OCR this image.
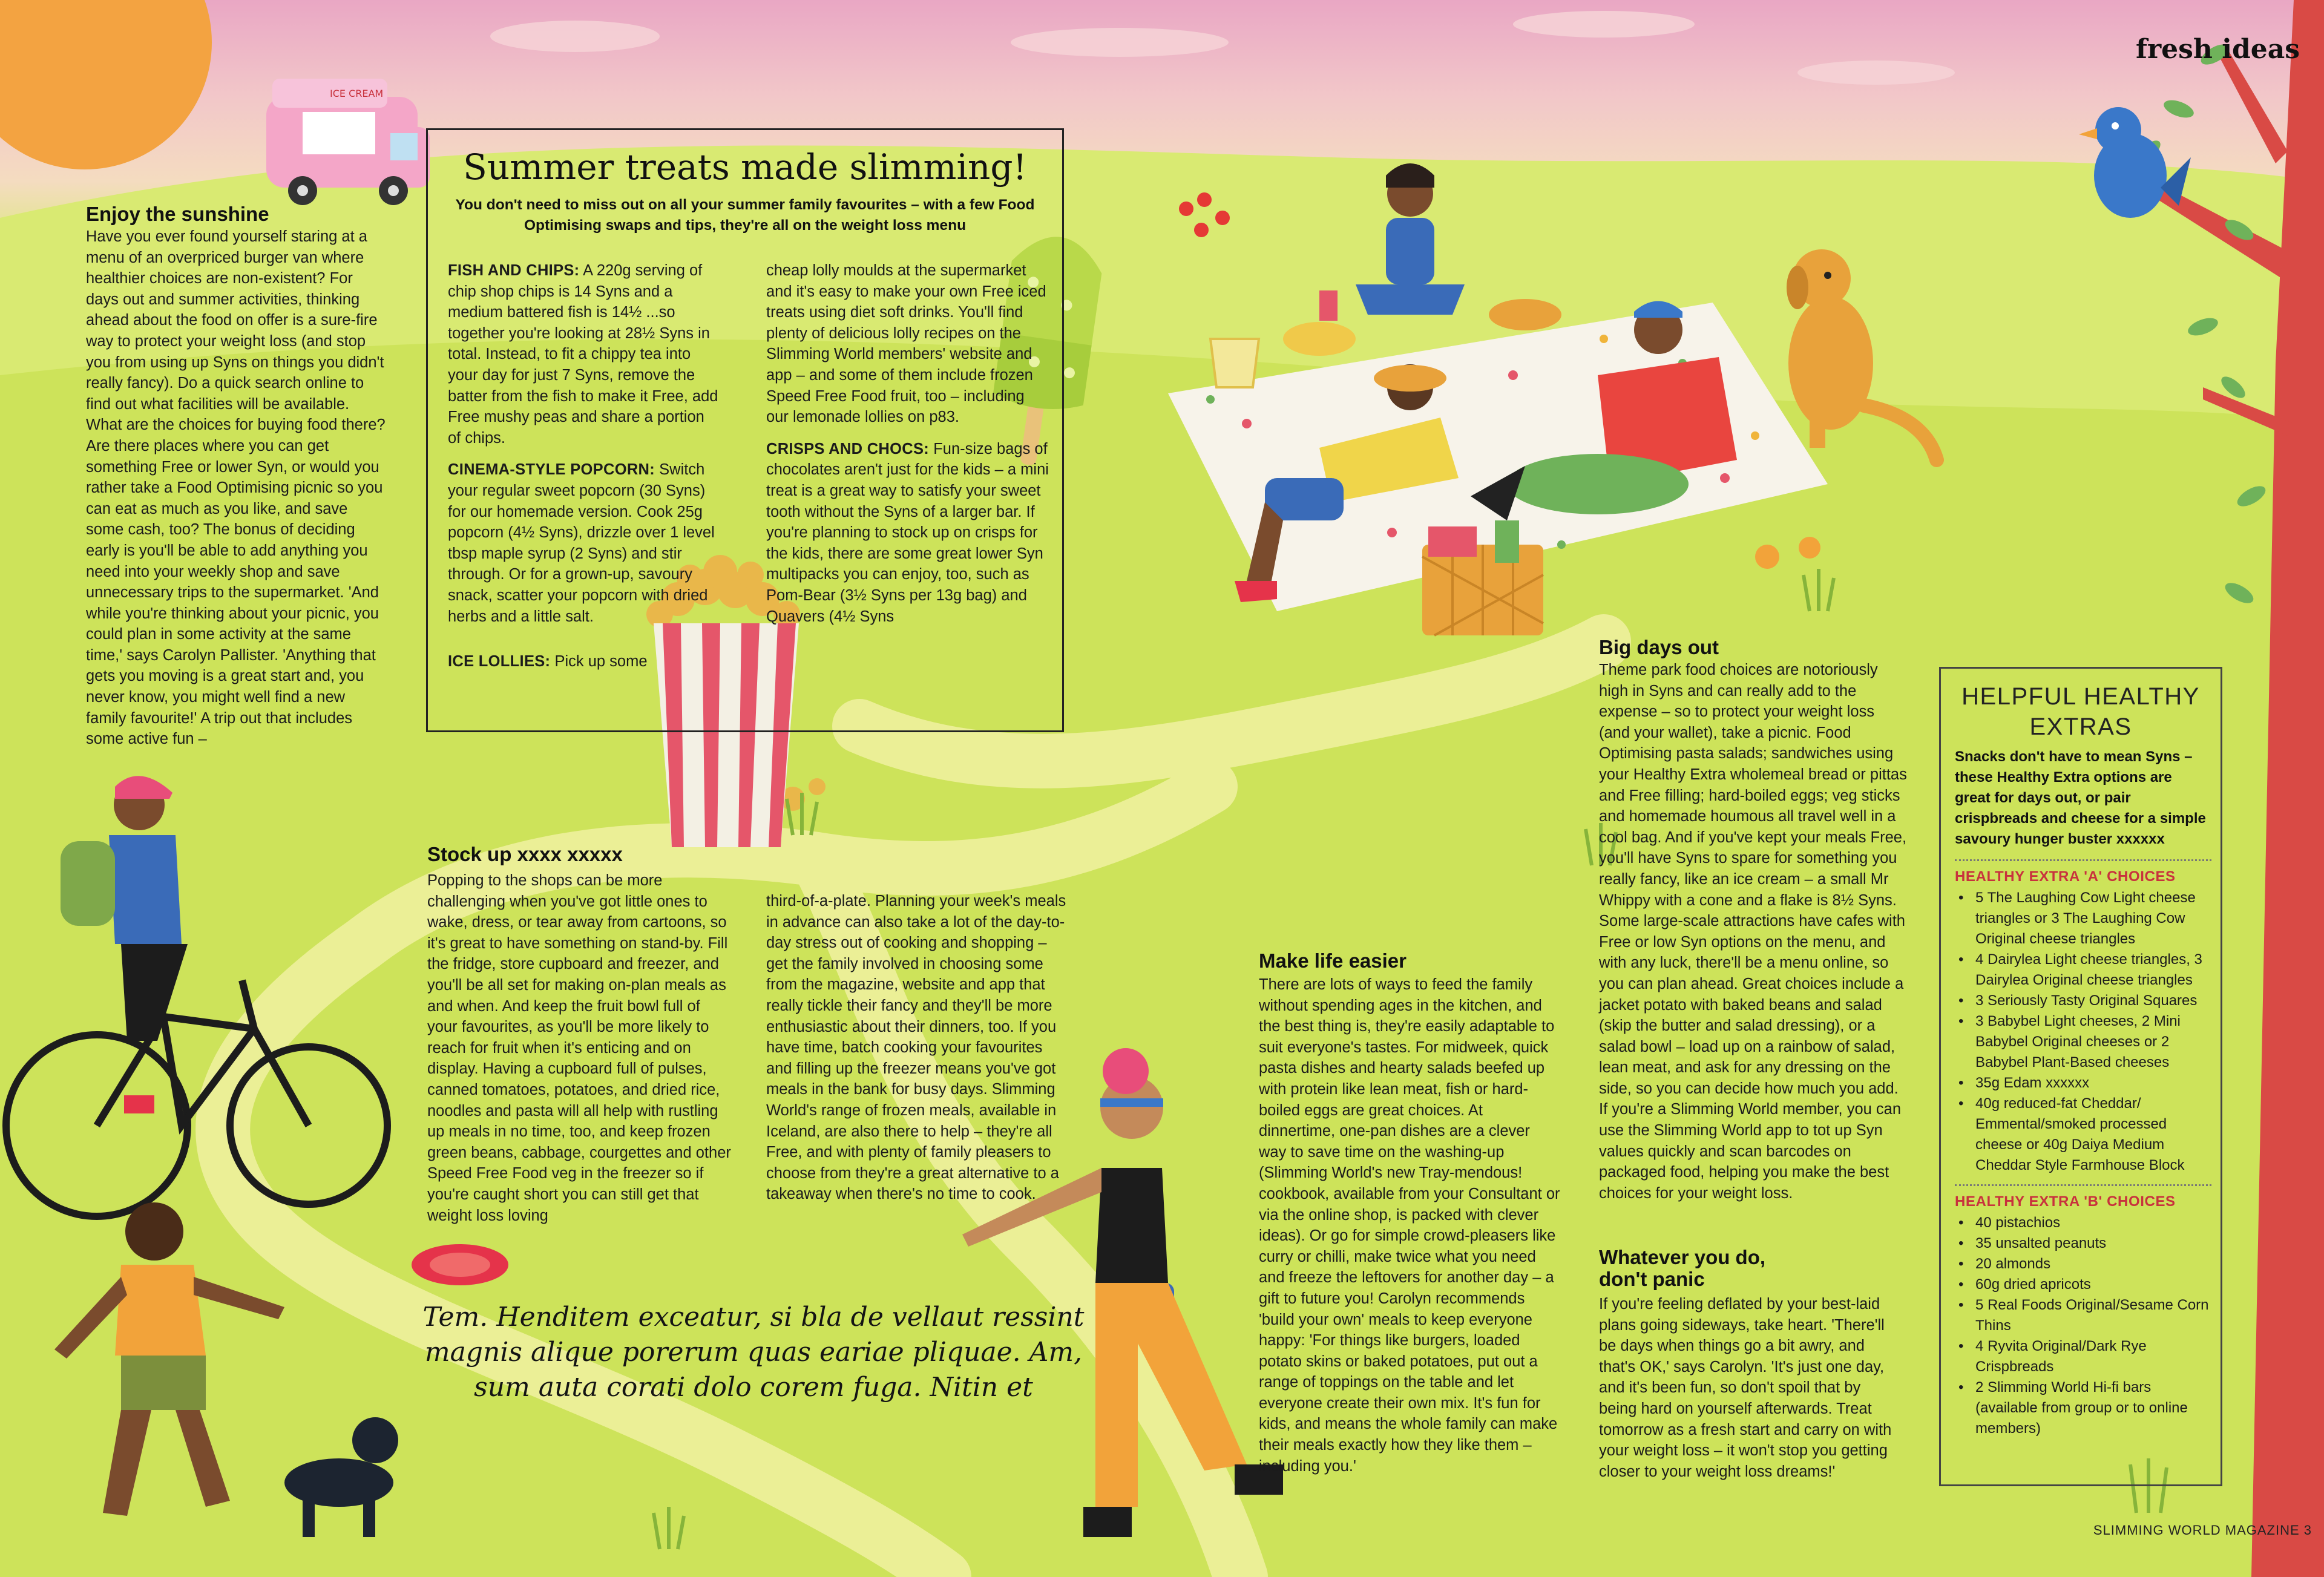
ICE CREAM
fresh ideas
Summer treats made slimming!
You don't need to miss out on all your summer family favourites – with a few Food Optimising swaps and tips, they're all on the weight loss menu
FISH AND CHIPS: A 220g serving of chip shop chips is 14 Syns and a medium battered fish is 14½ ...so together you're looking at 28½ Syns in total. Instead, to fit a chippy tea into your day for just 7 Syns, remove the batter from the fish to make it Free, add Free mushy peas and share a portion of chips.
CINEMA-STYLE POPCORN: Switch your regular sweet popcorn (30 Syns) for our homemade version. Cook 25g popcorn (4½ Syns), drizzle over 1 level tbsp maple syrup (2 Syns) and stir through. Or for a grown-up, savoury snack, scatter your popcorn with dried herbs and a little salt.
ICE LOLLIES: Pick up some
cheap lolly moulds at the supermarket and it's easy to make your own Free iced treats using diet soft drinks. You'll find plenty of delicious lolly recipes on the Slimming World members' website and app – and some of them include frozen Speed Free Food fruit, too – including our lemonade lollies on p83.
CRISPS AND CHOCS: Fun-size bags of chocolates aren't just for the kids – a mini treat is a great way to satisfy your sweet tooth without the Syns of a larger bar. If you're planning to stock up on crisps for the kids, there are some great lower Syn multipacks you can enjoy, too, such as Pom-Bear (3½ Syns per 13g bag) and Quavers (4½ Syns
Enjoy the sunshine
Have you ever found yourself staring at a menu of an overpriced burger van where healthier choices are non-existent? For days out and summer activities, thinking ahead about the food on offer is a sure-fire way to protect your weight loss (and stop you from using up Syns on things you didn't really fancy). Do a quick search online to find out what facilities will be available. What are the choices for buying food there? Are there places where you can get something Free or lower Syn, or would you rather take a Food Optimising picnic so you can eat as much as you like, and save some cash, too? The bonus of deciding early is you'll be able to add anything you need into your weekly shop and save unnecessary trips to the supermarket. 'And while you're thinking about your picnic, you could plan in some activity at the same time,' says Carolyn Pallister. 'Anything that gets you moving is a great start and, you never know, you might well find a new family favourite!' A trip out that includes some active fun –
Stock up xxxx xxxxx
Popping to the shops can be more challenging when you've got little ones to wake, dress, or tear away from cartoons, so it's great to have something on stand-by. Fill the fridge, store cupboard and freezer, and you'll be all set for making on-plan meals as and when. And keep the fruit bowl full of your favourites, as you'll be more likely to reach for fruit when it's enticing and on display. Having a cupboard full of pulses, canned tomatoes, potatoes, and dried rice, noodles and pasta will all help with rustling up meals in no time, too, and keep frozen green beans, cabbage, courgettes and other Speed Free Food veg in the freezer so if you're caught short you can still get that weight loss loving
third-of-a-plate. Planning your week's meals in advance can also take a lot of the day-to-day stress out of cooking and shopping – get the family involved in choosing some from the magazine, website and app that really tickle their fancy and they'll be more enthusiastic about their dinners, too. If you have time, batch cooking your favourites and filling up the freezer means you've got meals in the bank for busy days. Slimming World's range of frozen meals, available in Iceland, are also there to help – they're all Free, and with plenty of family pleasers to choose from they're a great alternative to a takeaway when there's no time to cook.
Make life easier
There are lots of ways to feed the family without spending ages in the kitchen, and the best thing is, they're easily adaptable to suit everyone's tastes. For midweek, quick pasta dishes and hearty salads beefed up with protein like lean meat, fish or hard-boiled eggs are great choices. At dinnertime, one-pan dishes are a clever way to save time on the washing-up (Slimming World's new Tray-mendous! cookbook, available from your Consultant or via the online shop, is packed with clever ideas). Or go for simple crowd-pleasers like curry or chilli, make twice what you need and freeze the leftovers for another day – a gift to future you! Carolyn recommends 'build your own' meals to keep everyone happy: 'For things like burgers, loaded potato skins or baked potatoes, put out a range of toppings on the table and let everyone create their own mix. It's fun for kids, and means the whole family can make their meals exactly how they like them – including you.'
Big days out
Theme park food choices are notoriously high in Syns and can really add to the expense – so to protect your weight loss (and your wallet), take a picnic. Food Optimising pasta salads; sandwiches using your Healthy Extra wholemeal bread or pittas and Free filling; hard-boiled eggs; veg sticks and homemade houmous all travel well in a cool bag. And if you've kept your meals Free, you'll have Syns to spare for something you really fancy, like an ice cream – a small Mr Whippy with a cone and a flake is 8½ Syns. Some large-scale attractions have cafes with Free or low Syn options on the menu, and with any luck, there'll be a menu online, so you can plan ahead. Great choices include a jacket potato with baked beans and salad (skip the butter and salad dressing), or a salad bowl – load up on a rainbow of salad, lean meat, and ask for any dressing on the side, so you can decide how much you add. If you're a Slimming World member, you can use the Slimming World app to tot up Syn values quickly and scan barcodes on packaged food, helping you make the best choices for your weight loss.
Whatever you do,
don't panic
If you're feeling deflated by your best-laid plans going sideways, take heart. 'There'll be days when things go a bit awry, and that's OK,' says Carolyn. 'It's just one day, and it's been fun, so don't spoil that by being hard on yourself afterwards. Treat tomorrow as a fresh start and carry on with your weight loss – it won't stop you getting closer to your weight loss dreams!'
HELPFUL HEALTHY EXTRAS
Snacks don't have to mean Syns – these Healthy Extra options are great for days out, or pair crispbreads and cheese for a simple savoury hunger buster xxxxxx
HEALTHY EXTRA 'A' CHOICES
• 5 The Laughing Cow Light cheese triangles or 3 The Laughing Cow Original cheese triangles
• 4 Dairylea Light cheese triangles, 3 Dairylea Original cheese triangles
• 3 Seriously Tasty Original Squares
• 3 Babybel Light cheeses, 2 Mini Babybel Original cheeses or 2 Babybel Plant-Based cheeses
• 35g Edam xxxxxx
• 40g reduced-fat Cheddar/ Emmental/smoked processed cheese or 40g Daiya Medium Cheddar Style Farmhouse Block
HEALTHY EXTRA 'B' CHOICES
• 40 pistachios
• 35 unsalted peanuts
• 20 almonds
• 60g dried apricots
• 5 Real Foods Original/Sesame Corn Thins
• 4 Ryvita Original/Dark Rye Crispbreads
• 2 Slimming World Hi-fi bars (available from group or to online members)
Tem. Henditem exceatur, si bla de vellaut ressint magnis alique porerum quas eariae pliquae. Am, sum auta corati dolo corem fuga. Nitin et
SLIMMING WORLD MAGAZINE 3
